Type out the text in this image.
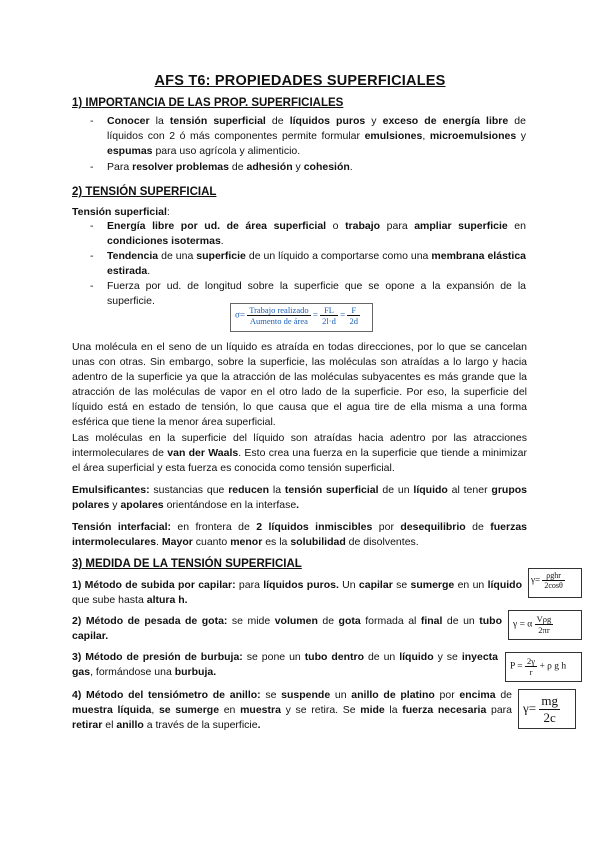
AFS T6: PROPIEDADES SUPERFICIALES
1) IMPORTANCIA DE LAS PROP. SUPERFICIALES
- Conocer la tensión superficial de líquidos puros y exceso de energía libre de líquidos con 2 ó más componentes permite formular emulsiones, microemulsiones y espumas para uso agrícola y alimenticio.
- Para resolver problemas de adhesión y cohesión.
2) TENSIÓN SUPERFICIAL
Tensión superficial:
- Energía libre por ud. de área superficial o trabajo para ampliar superficie en condiciones isotermas.
- Tendencia de una superficie de un líquido a comportarse como una membrana elástica estirada.
- Fuerza por ud. de longitud sobre la superficie que se opone a la expansión de la superficie.
$\sigma= \frac{\text{Trabajo realizado}}{\text{Aumento de área}} = \frac{FL}{2l\cdot d} = \frac{F}{2d}$
Una molécula en el seno de un líquido es atraída en todas direcciones, por lo que se cancelan unas con otras. Sin embargo, sobre la superficie, las moléculas son atraídas a lo largo y hacia adentro de la superficie ya que la atracción de las moléculas subyacentes es más grande que la atracción de las moléculas de vapor en el otro lado de la superficie. Por eso, la superficie del líquido está en estado de tensión, lo que causa que el agua tire de ella misma a una forma esférica que tiene la menor área superficial.
Las moléculas en la superficie del líquido son atraídas hacia adentro por las atracciones intermoleculares de van der Waals. Esto crea una fuerza en la superficie que tiende a minimizar el área superficial y esta fuerza es conocida como tensión superficial.
Emulsificantes: sustancias que reducen la tensión superficial de un líquido al tener grupos polares y apolares orientándose en la interfase.
Tensión interfacial: en frontera de 2 líquidos inmiscibles por desequilibrio de fuerzas intermoleculares. Mayor cuanto menor es la solubilidad de disolventes.
3) MEDIDA DE LA TENSIÓN SUPERFICIAL
1) Método de subida por capilar: para líquidos puros. Un capilar se sumerge en un líquido que sube hasta altura h.
$\gamma= \frac{\text{ρghr}}{2\cos\theta}$
2) Método de pesada de gota: se mide volumen de gota formada al final de un tubo capilar.
γ = α $\frac{\text{Vρg}}{2\pi r}$
3) Método de presión de burbuja: se pone un tubo dentro de un líquido y se inyecta gas, formándose una burbuja.	$P = \frac{2\gamma}{r} + \rho$ g h
4) Método del tensiómetro de anillo: se suspende un anillo de platino por encima de muestra líquida, se sumerge en muestra y se retira. Se mide la fuerza necesaria para retirar el anillo a través de la superficie.
$\gamma= \frac{mg}{2c}$
